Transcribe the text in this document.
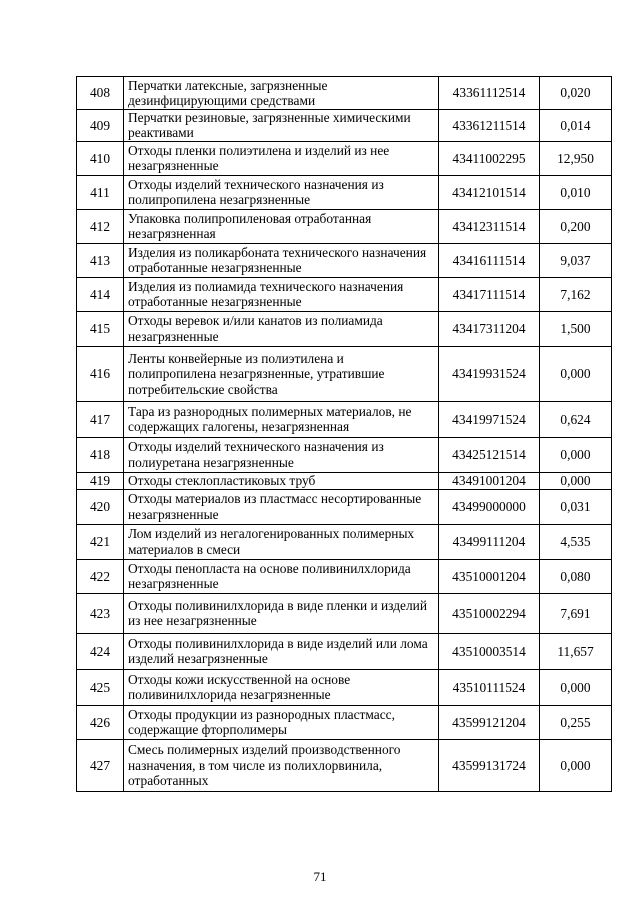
408	Перчатки латексные, загрязненные дезинфицирующими средствами	43361112514	0,020
409	Перчатки резиновые, загрязненные химическими реактивами	43361211514	0,014
410	Отходы пленки полиэтилена и изделий из нее незагрязненные	43411002295	12,950
411	Отходы изделий технического назначения из полипропилена незагрязненные	43412101514	0,010
412	Упаковка полипропиленовая отработанная незагрязненная	43412311514	0,200
413	Изделия из поликарбоната технического назначения отработанные незагрязненные	43416111514	9,037
414	Изделия из полиамида технического назначения отработанные незагрязненные	43417111514	7,162
415	Отходы веревок и/или канатов из полиамида незагрязненные	43417311204	1,500
416	Ленты конвейерные из полиэтилена и полипропилена незагрязненные, утратившие потребительские свойства	43419931524	0,000
417	Тара из разнородных полимерных материалов, не содержащих галогены, незагрязненная	43419971524	0,624
418	Отходы изделий технического назначения из полиуретана незагрязненные	43425121514	0,000
419	Отходы стеклопластиковых труб	43491001204	0,000
420	Отходы материалов из пластмасс несортированные незагрязненные	43499000000	0,031
421	Лом изделий из негалогенированных полимерных материалов в смеси	43499111204	4,535
422	Отходы пенопласта на основе поливинилхлорида незагрязненные	43510001204	0,080
423	Отходы поливинилхлорида в виде пленки и изделий из нее незагрязненные	43510002294	7,691
424	Отходы поливинилхлорида в виде изделий или лома изделий незагрязненные	43510003514	11,657
425	Отходы кожи искусственной на основе поливинилхлорида незагрязненные	43510111524	0,000
426	Отходы продукции из разнородных пластмасс, содержащие фторполимеры	43599121204	0,255
427	Смесь полимерных изделий производственного назначения, в том числе из полихлорвинила, отработанных	43599131724	0,000
71
